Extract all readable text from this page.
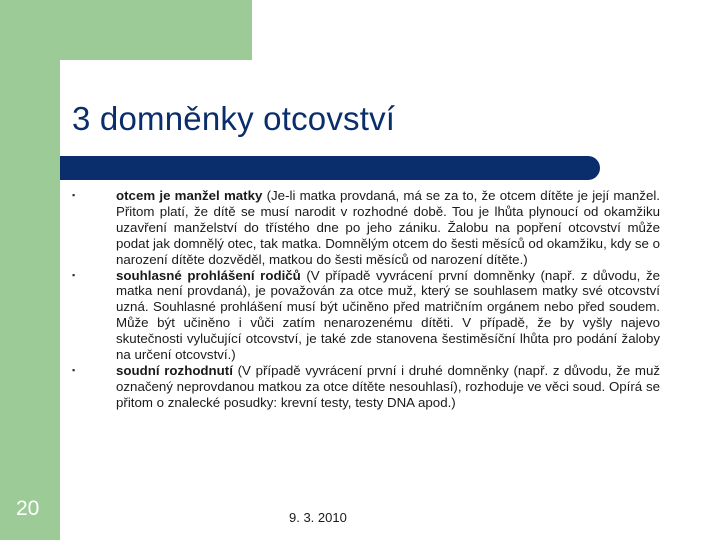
3 domněnky otcovství
▪	otcem je manžel matky (Je-li matka provdaná, má se za to, že otcem dítěte je její manžel. Přitom platí, že dítě se musí narodit v rozhodné době. Tou je lhůta plynoucí od okamžiku uzavření manželství do třístého dne po jeho zániku. Žalobu na popření otcovství může podat jak domnělý otec, tak matka. Domnělým otcem do šesti měsíců od okamžiku, kdy se o narození dítěte dozvěděl, matkou do šesti měsíců od narození dítěte.)
▪	souhlasné prohlášení rodičů (V případě vyvrácení první domněnky (např. z důvodu, že matka není provdaná), je považován za otce muž, který se souhlasem matky své otcovství uzná. Souhlasné prohlášení musí být učiněno před matričním orgánem nebo před soudem. Může být učiněno i vůči zatím nenarozenému dítěti. V případě, že by vyšly najevo skutečnosti vylučující otcovství, je také zde stanovena šestiměsíční lhůta pro podání žaloby na určení otcovství.)
▪	soudní rozhodnutí (V případě vyvrácení první i druhé domněnky (např. z důvodu, že muž označený neprovdanou matkou za otce dítěte nesouhlasí), rozhoduje ve věci soud. Opírá se přitom o znalecké posudky: krevní testy, testy DNA apod.)
20	9. 3. 2010
